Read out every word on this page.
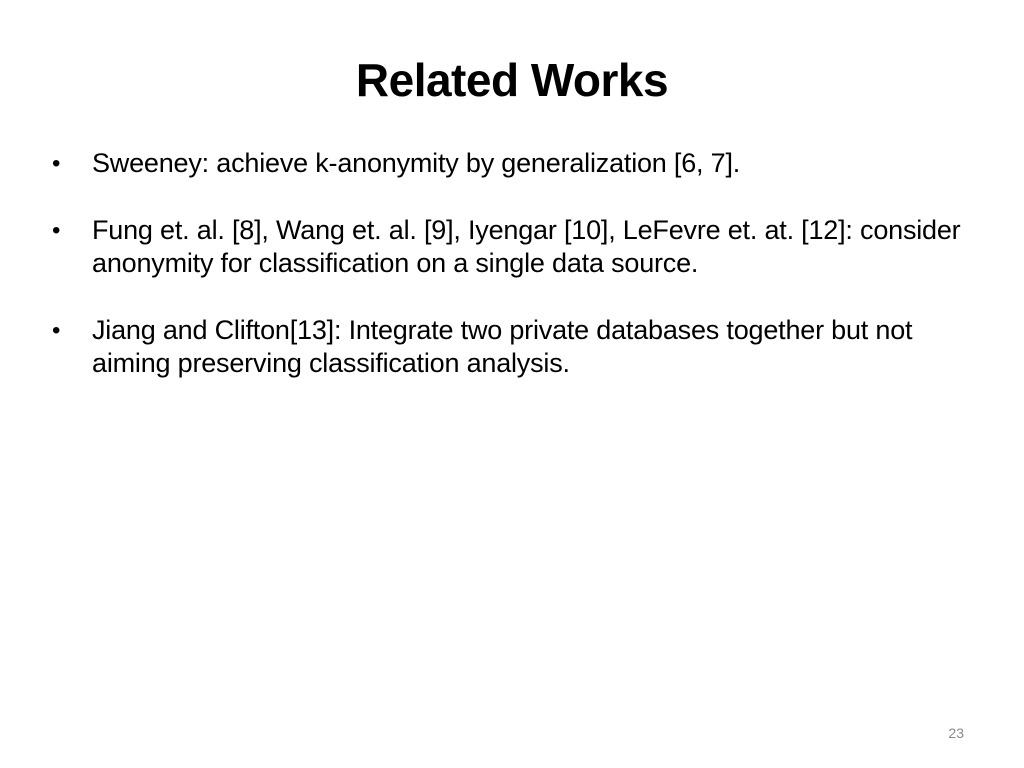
Related Works
•	Sweeney: achieve k-anonymity by generalization [6, 7].
•	Fung et. al. [8], Wang et. al. [9], Iyengar [10], LeFevre et. at. [12]: consider anonymity for classification on a single data source.
•	Jiang and Clifton[13]: Integrate two private databases together but not aiming preserving classification analysis.
23
